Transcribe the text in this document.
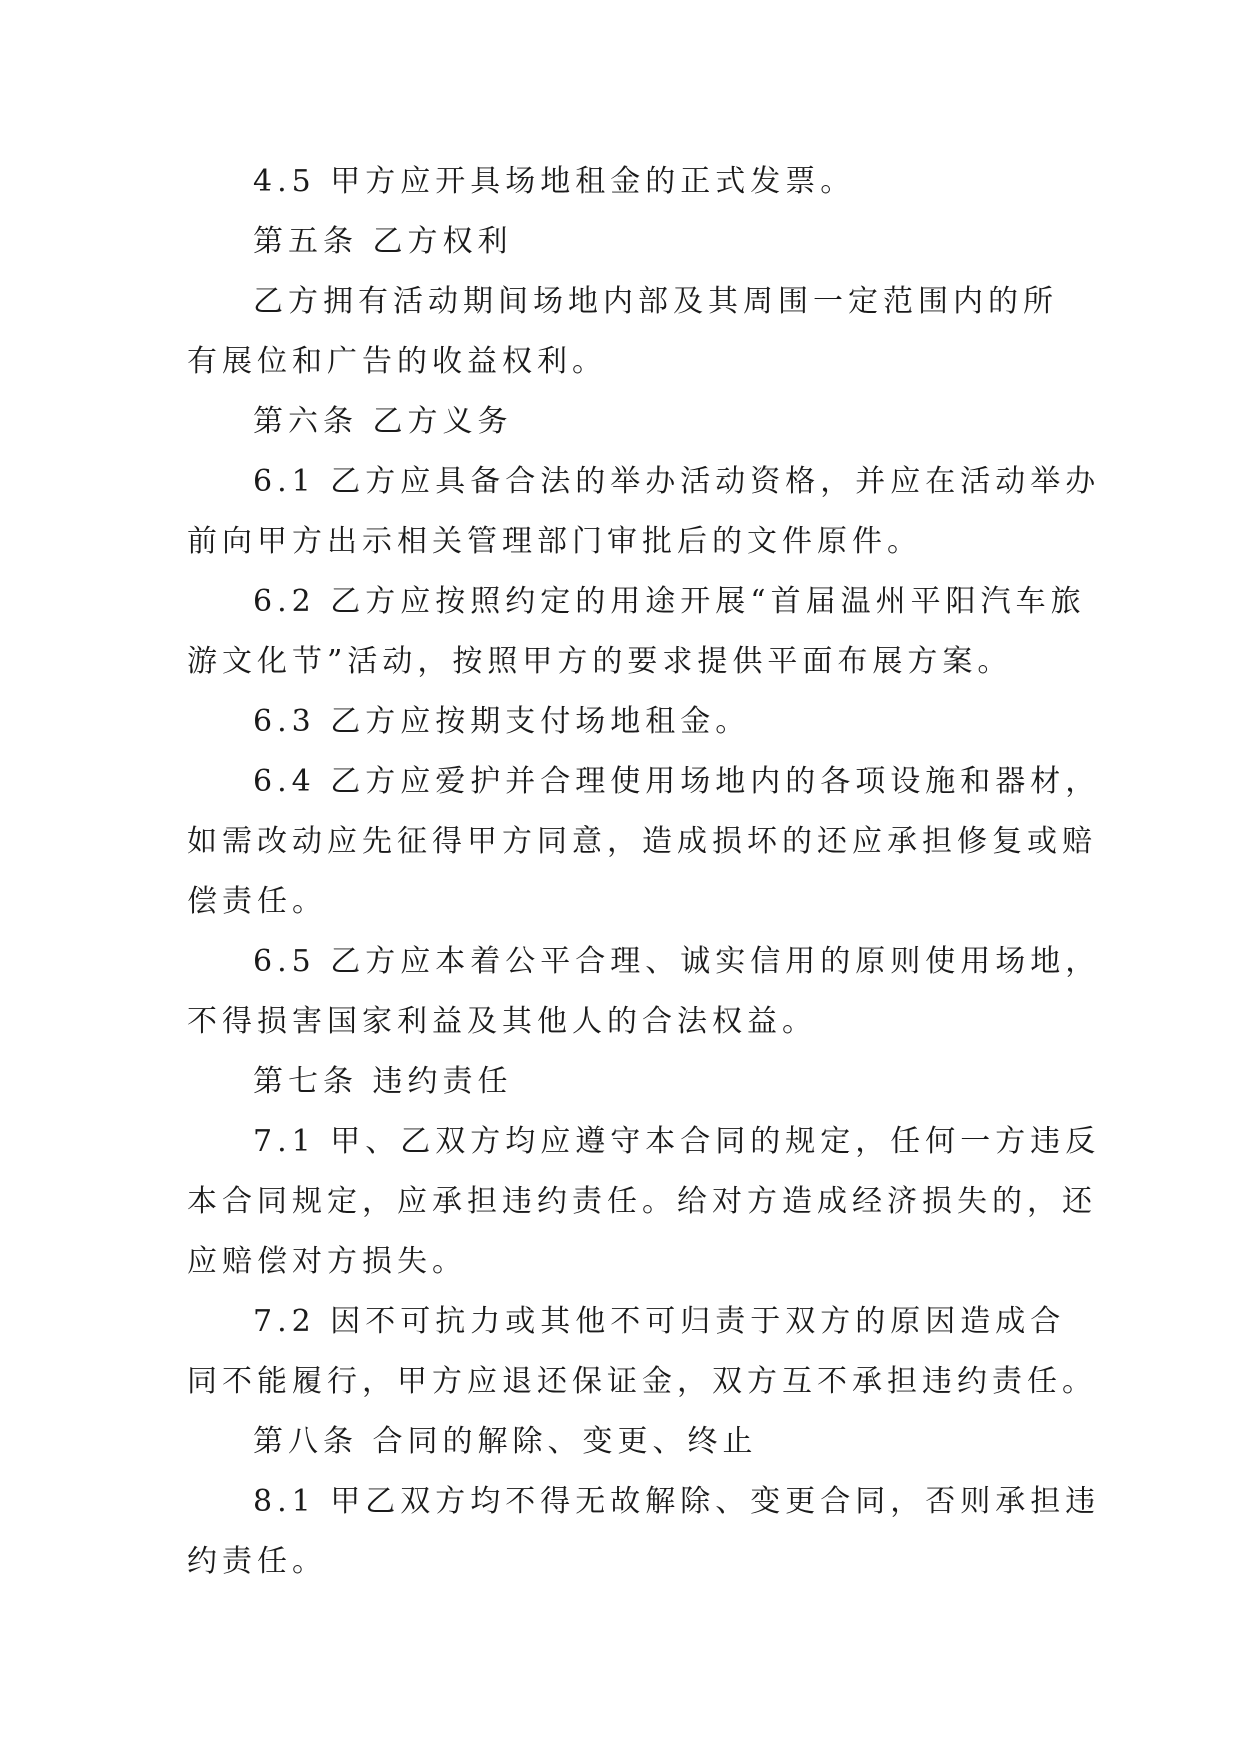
4.5 甲方应开具场地租金的正式发票。

第五条 乙方权利

乙方拥有活动期间场地内部及其周围一定范围内的所

有展位和广告的收益权利。

第六条 乙方义务

6.1 乙方应具备合法的举办活动资格，并应在活动举办

前向甲方出示相关管理部门审批后的文件原件。

6.2 乙方应按照约定的用途开展“首届温州平阳汽车旅

游文化节”活动，按照甲方的要求提供平面布展方案。

6.3 乙方应按期支付场地租金。

6.4 乙方应爱护并合理使用场地内的各项设施和器材，

如需改动应先征得甲方同意，造成损坏的还应承担修复或赔

偿责任。

6.5 乙方应本着公平合理、诚实信用的原则使用场地，

不得损害国家利益及其他人的合法权益。

第七条 违约责任

7.1 甲、乙双方均应遵守本合同的规定，任何一方违反

本合同规定，应承担违约责任。给对方造成经济损失的，还

应赔偿对方损失。

7.2 因不可抗力或其他不可归责于双方的原因造成合

同不能履行，甲方应退还保证金，双方互不承担违约责任。

第八条 合同的解除、变更、终止

8.1 甲乙双方均不得无故解除、变更合同，否则承担违

约责任。
